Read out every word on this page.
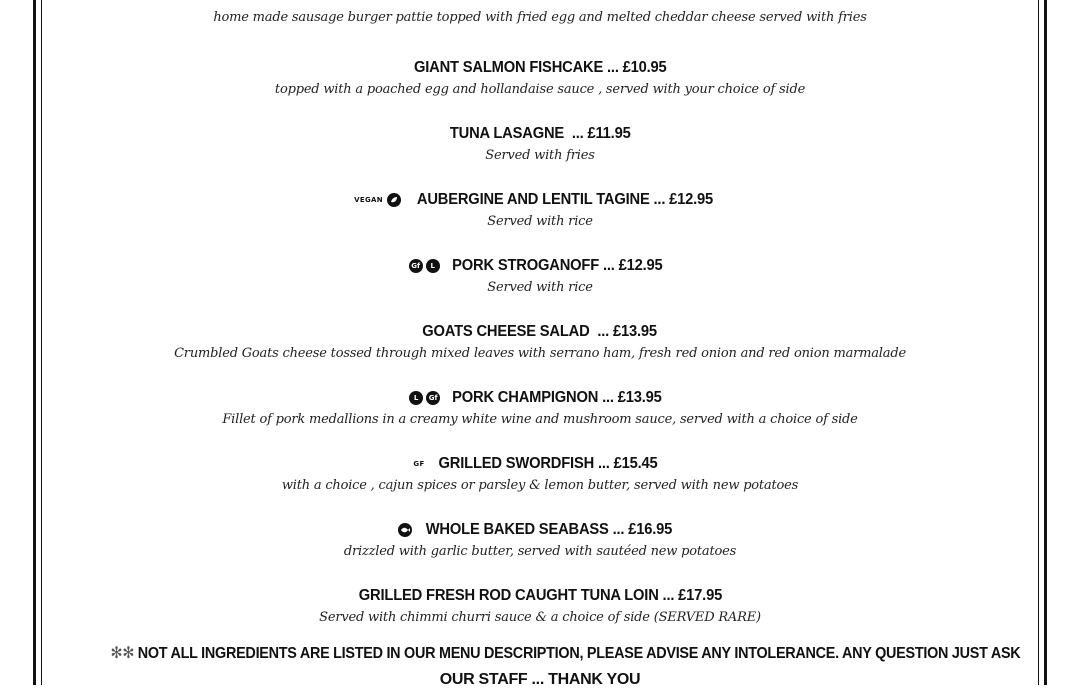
home made sausage burger pattie topped with fried egg and melted cheddar cheese served with fries
GIANT SALMON FISHCAKE ... £10.95
topped with a poached egg and hollandaise sauce , served with your choice of side
TUNA LASAGNE  ... £11.95
Served with fries
VEGAN AUBERGINE AND LENTIL TAGINE ... £12.95
Served with rice
Gf	L PORK STROGANOFF ... £12.95
Served with rice
GOATS CHEESE SALAD  ... £13.95
Crumbled Goats cheese tossed through mixed leaves with serrano ham, fresh red onion and red onion marmalade
L	Gf PORK CHAMPIGNON ... £13.95
Fillet of pork medallions in a creamy white wine and mushroom sauce, served with a choice of side
GF GRILLED SWORDFISH ... £15.45
with a choice , cajun spices or parsley & lemon butter, served with new potatoes
WHOLE BAKED SEABASS ... £16.95
drizzled with garlic butter, served with sautéed new potatoes
GRILLED FRESH ROD CAUGHT TUNA LOIN ... £17.95
Served with chimmi churri sauce & a choice of side (SERVED RARE)
✻✻ NOT ALL INGREDIENTS ARE LISTED IN OUR MENU DESCRIPTION, PLEASE ADVISE ANY INTOLERANCE. ANY QUESTION JUST ASK
OUR STAFF ... THANK YOU
